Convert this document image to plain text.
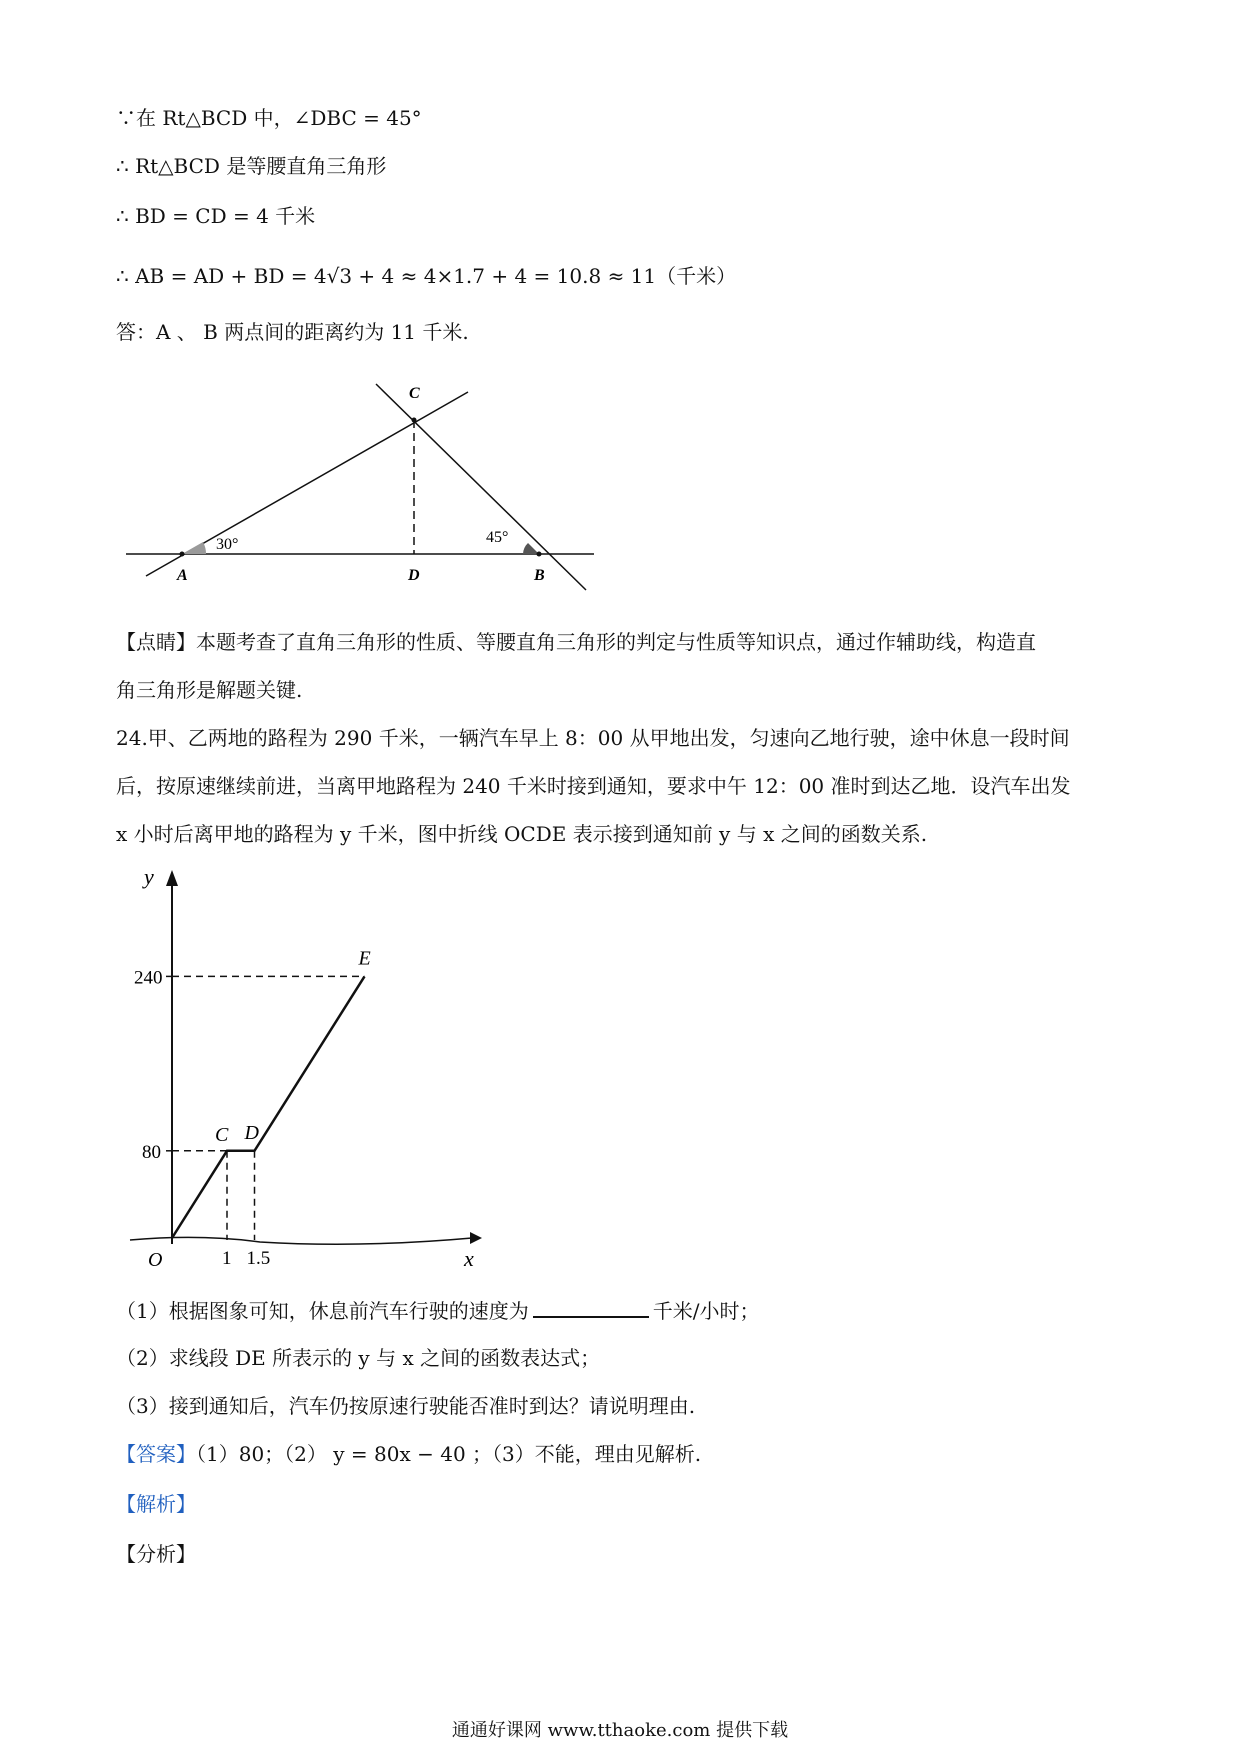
∵在 Rt△BCD 中，∠DBC = 45°
∴ Rt△BCD 是等腰直角三角形
∴ BD = CD = 4 千米
∴ AB = AD + BD = 4√3 + 4 ≈ 4×1.7 + 4 = 10.8 ≈ 11（千米）
答：A 、 B 两点间的距离约为 11 千米.
C
A	D	B
30°	45°
【点睛】本题考查了直角三角形的性质、等腰直角三角形的判定与性质等知识点，通过作辅助线，构造直
角三角形是解题关键.
24.甲、乙两地的路程为 290 千米，一辆汽车早上 8：00 从甲地出发，匀速向乙地行驶，途中休息一段时间
后，按原速继续前进，当离甲地路程为 240 千米时接到通知，要求中午 12：00 准时到达乙地．设汽车出发
x 小时后离甲地的路程为 y 千米，图中折线 OCDE 表示接到通知前 y 与 x 之间的函数关系.
y
x
O
240
80
1 1.5
C D
E
（1）根据图象可知，休息前汽车行驶的速度为	千米/小时；
（2）求线段 DE 所表示的 y 与 x 之间的函数表达式；
（3）接到通知后，汽车仍按原速行驶能否准时到达？请说明理由.
【答案】（1）80；（2） y = 80x − 40 ；（3）不能，理由见解析.
【解析】
【分析】
通通好课网 www.tthaoke.com 提供下载
